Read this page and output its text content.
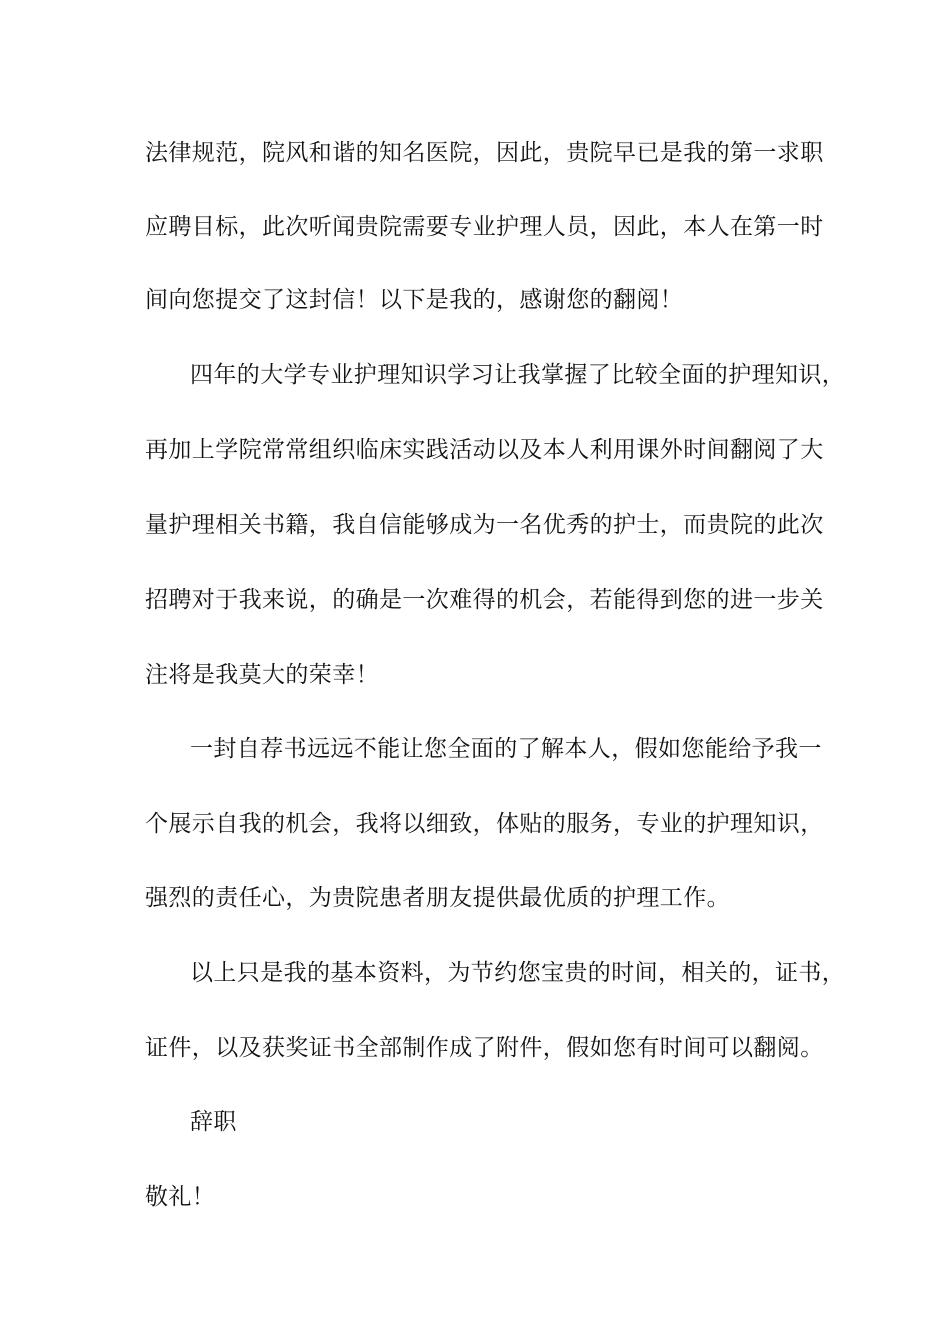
法律规范，院风和谐的知名医院，因此，贵院早已是我的第一求职
应聘目标，此次听闻贵院需要专业护理人员，因此，本人在第一时
间向您提交了这封信！以下是我的，感谢您的翻阅！
四年的大学专业护理知识学习让我掌握了比较全面的护理知识，
再加上学院常常组织临床实践活动以及本人利用课外时间翻阅了大
量护理相关书籍，我自信能够成为一名优秀的护士，而贵院的此次
招聘对于我来说，的确是一次难得的机会，若能得到您的进一步关
注将是我莫大的荣幸！
一封自荐书远远不能让您全面的了解本人，假如您能给予我一
个展示自我的机会，我将以细致，体贴的服务，专业的护理知识，
强烈的责任心，为贵院患者朋友提供最优质的护理工作。
以上只是我的基本资料，为节约您宝贵的时间，相关的，证书，
证件，以及获奖证书全部制作成了附件，假如您有时间可以翻阅。
辞职
敬礼！
